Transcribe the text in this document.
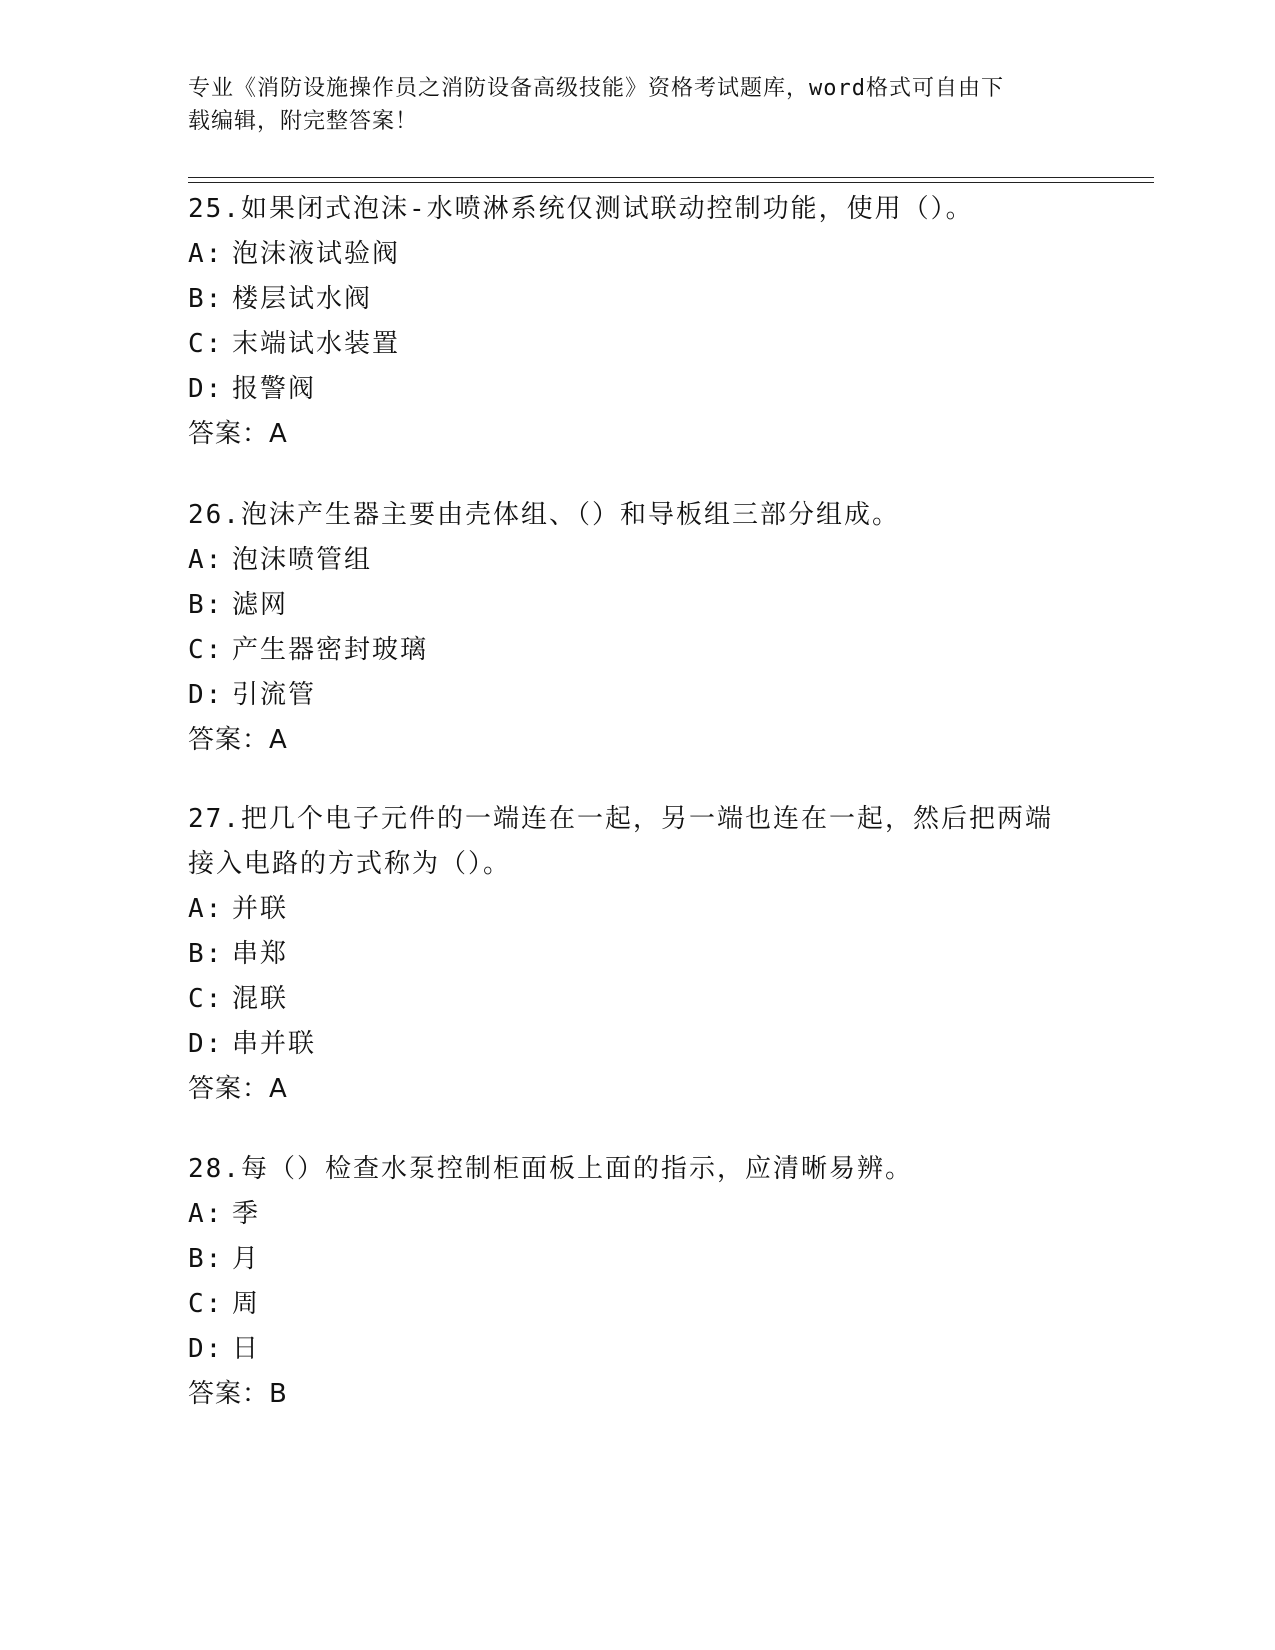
专业《消防设施操作员之消防设备高级技能》资格考试题库，word格式可自由下
载编辑，附完整答案！

25.如果闭式泡沫-水喷淋系统仅测试联动控制功能，使用（）。

A: 泡沫液试验阀

B: 楼层试水阀

C: 末端试水装置

D: 报警阀

答案：A

26.泡沫产生器主要由壳体组、（）和导板组三部分组成。

A: 泡沫喷管组

B: 滤网

C: 产生器密封玻璃

D: 引流管

答案：A

27.把几个电子元件的一端连在一起，另一端也连在一起，然后把两端

接入电路的方式称为（）。

A: 并联

B: 串郑

C: 混联

D: 串并联

答案：A

28.每（）检查水泵控制柜面板上面的指示，应清晰易辨。

A: 季

B: 月

C: 周

D: 日

答案：B
